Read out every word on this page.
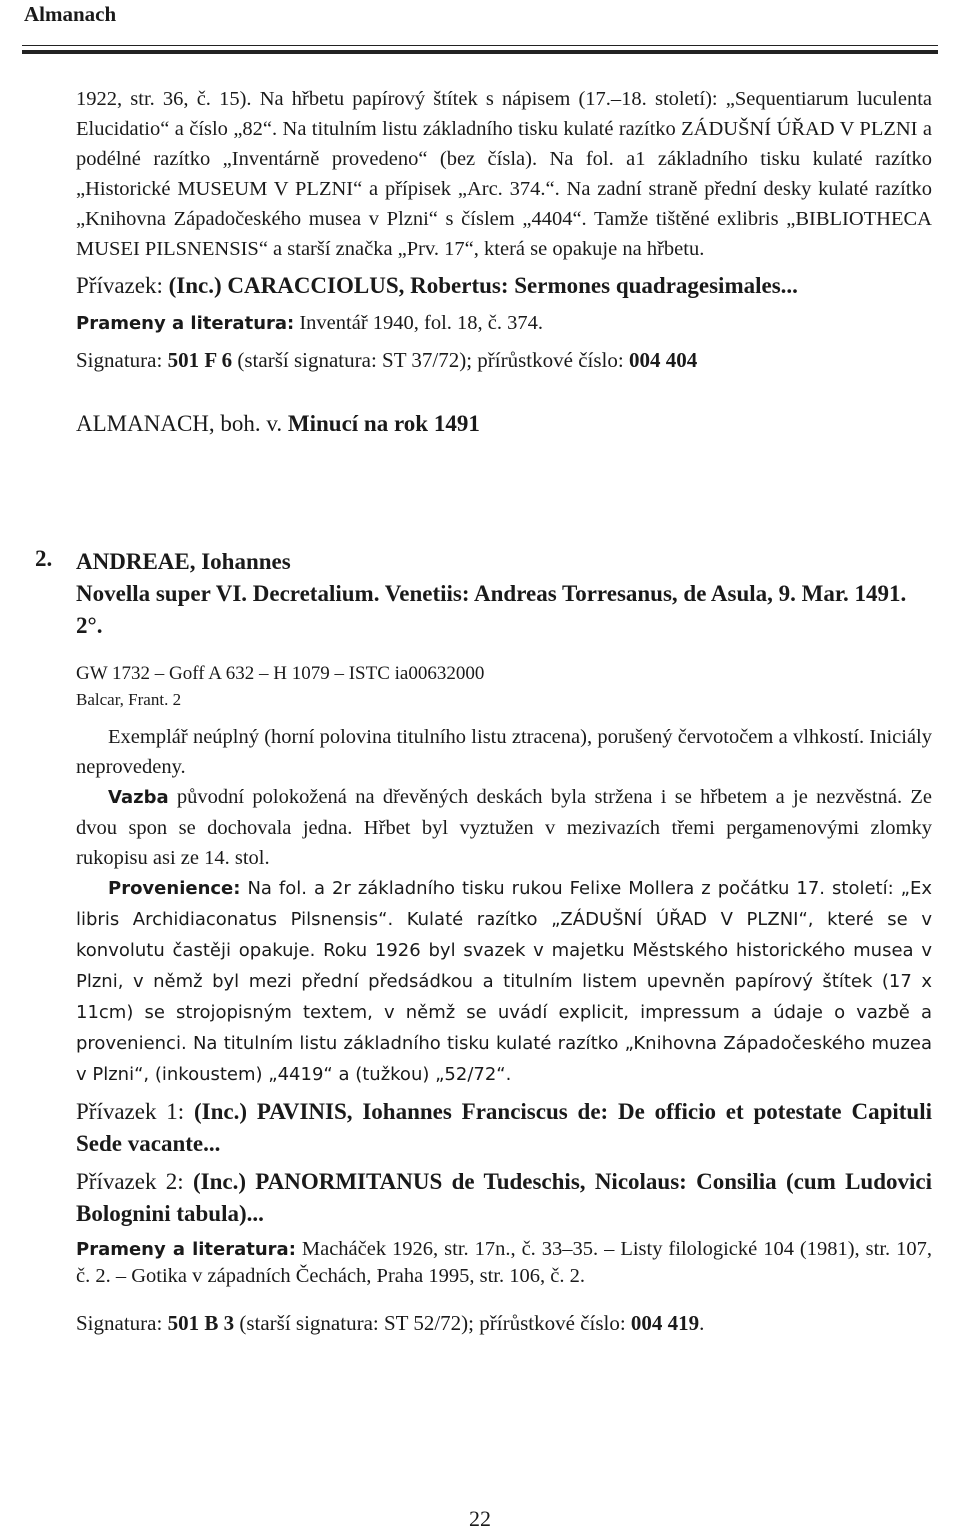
Almanach

1922, str. 36, č. 15). Na hřbetu papírový štítek s nápisem (17.–18. století): „Sequentiarum luculenta Elucidatio“ a číslo „82“. Na titulním listu základního tisku kulaté razítko ZÁDUŠNÍ ÚŘAD V PLZNI a podélné razítko „Inventárně provedeno“ (bez čísla). Na fol. a1 základního tisku kulaté razítko „Historické MUSEUM V PLZNI“ a přípisek „Arc. 374.“. Na zadní straně přední desky kulaté razítko „Knihovna Západočeského musea v Plzni“ s číslem „4404“. Tamže tištěné exlibris „BIBLIOTHECA MUSEI PILSNENSIS“ a starší značka „Prv. 17“, která se opakuje na hřbetu.

Přívazek: (Inc.) CARACCIOLUS, Robertus: Sermones quadragesimales...

Prameny a literatura: Inventář 1940, fol. 18, č. 374.

Signatura: 501 F 6 (starší signatura: ST 37/72); přírůstkové číslo: 004 404

ALMANACH, boh. v. Minucí na rok 1491

2. ANDREAE, Iohannes

Novella super VI. Decretalium. Venetiis: Andreas Torresanus, de Asula, 9. Mar. 1491. 2°.

GW 1732 – Goff A 632 – H 1079 – ISTC ia00632000
Balcar, Frant. 2

Exemplář neúplný (horní polovina titulního listu ztracena), porušený červotočem a vlhkostí. Iniciály neprovedeny.

Vazba původní polokožená na dřevěných deskách byla stržena i se hřbetem a je nezvěstná. Ze dvou spon se dochovala jedna. Hřbet byl vyztužen v mezivazích třemi pergamenovými zlomky rukopisu asi ze 14. stol.

Provenience: Na fol. a 2r základního tisku rukou Felixe Mollera z počátku 17. století: „Ex libris Archidiaconatus Pilsnensis“. Kulaté razítko „ZÁDUŠNÍ ÚŘAD V PLZNI“, které se v konvolutu častěji opakuje. Roku 1926 byl svazek v majetku Městského historického musea v Plzni, v němž byl mezi přední předsádkou a titulním listem upevněn papírový štítek (17 x 11cm) se strojopisným textem, v němž se uvádí explicit, impressum a údaje o vazbě a provenienci. Na titulním listu základního tisku kulaté razítko „Knihovna Západočeského muzea v Plzni“, (inkoustem) „4419“ a (tužkou) „52/72“.

Přívazek 1: (Inc.) PAVINIS, Iohannes Franciscus de: De officio et potestate Capituli Sede vacante...

Přívazek 2: (Inc.) PANORMITANUS de Tudeschis, Nicolaus: Consilia (cum Ludovici Bolognini tabula)...

Prameny a literatura: Macháček 1926, str. 17n., č. 33–35. – Listy filologické 104 (1981), str. 107, č. 2. – Gotika v západních Čechách, Praha 1995, str. 106, č. 2.

Signatura: 501 B 3 (starší signatura: ST 52/72); přírůstkové číslo: 004 419.

22
